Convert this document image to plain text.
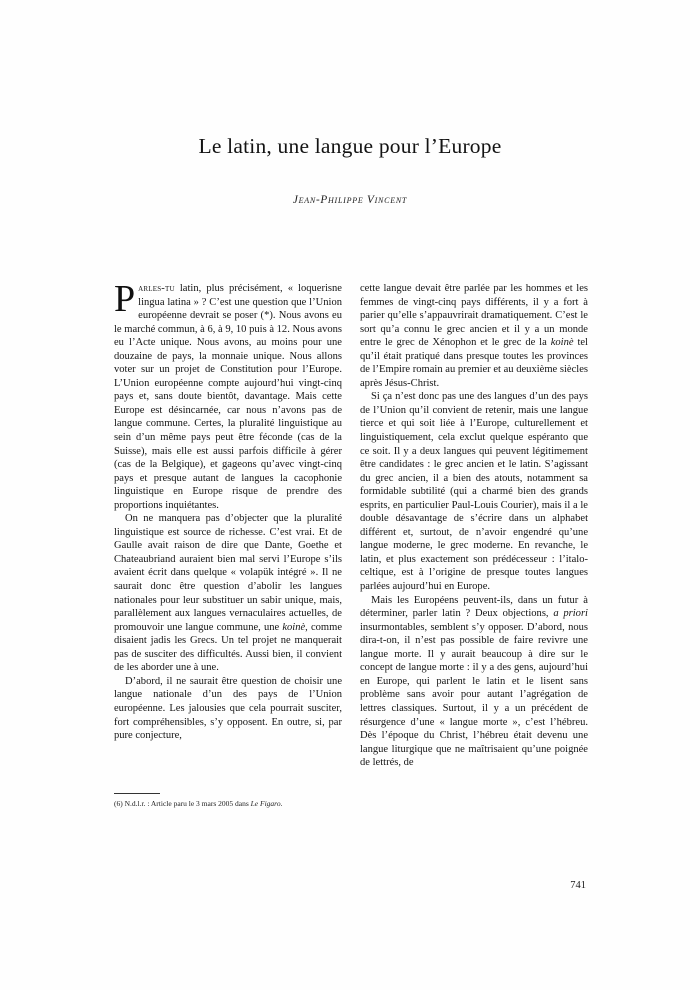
Le latin, une langue pour l’Europe
Jean-Philippe Vincent

Parles-tu latin, plus précisément, « loquerisne lingua latina » ? C’est une question que l’Union européenne devrait se poser (*). Nous avons eu le marché commun, à 6, à 9, 10 puis à 12. Nous avons eu l’Acte unique. Nous avons, au moins pour une douzaine de pays, la monnaie unique. Nous allons voter sur un projet de Constitution pour l’Europe. L’Union européenne compte aujourd’hui vingt-cinq pays et, sans doute bientôt, davantage. Mais cette Europe est désincarnée, car nous n’avons pas de langue commune. Certes, la pluralité linguistique au sein d’un même pays peut être féconde (cas de la Suisse), mais elle est aussi parfois difficile à gérer (cas de la Belgique), et gageons qu’avec vingt-cinq pays et presque autant de langues la cacophonie linguistique en Europe risque de prendre des proportions inquiétantes.

On ne manquera pas d’objecter que la pluralité linguistique est source de richesse. C’est vrai. Et de Gaulle avait raison de dire que Dante, Goethe et Chateaubriand auraient bien mal servi l’Europe s’ils avaient écrit dans quelque « volapük intégré ». Il ne saurait donc être question d’abolir les langues nationales pour leur substituer un sabir unique, mais, parallèlement aux langues vernaculaires actuelles, de promouvoir une langue commune, une koinè, comme disaient jadis les Grecs. Un tel projet ne manquerait pas de susciter des difficultés. Aussi bien, il convient de les aborder une à une.

D’abord, il ne saurait être question de choisir une langue nationale d’un des pays de l’Union européenne. Les jalousies que cela pourrait susciter, fort compréhensibles, s’y opposent. En outre, si, par pure conjecture,

cette langue devait être parlée par les hommes et les femmes de vingt-cinq pays différents, il y a fort à parier qu’elle s’appauvrirait dramatiquement. C’est le sort qu’a connu le grec ancien et il y a un monde entre le grec de Xénophon et le grec de la koinè tel qu’il était pratiqué dans presque toutes les provinces de l’Empire romain au premier et au deuxième siècles après Jésus-Christ.

Si ça n’est donc pas une des langues d’un des pays de l’Union qu’il convient de retenir, mais une langue tierce et qui soit liée à l’Europe, culturellement et linguistiquement, cela exclut quelque espéranto que ce soit. Il y a deux langues qui peuvent légitimement être candidates : le grec ancien et le latin. S’agissant du grec ancien, il a bien des atouts, notamment sa formidable subtilité (qui a charmé bien des grands esprits, en particulier Paul-Louis Courier), mais il a le double désavantage de s’écrire dans un alphabet différent et, surtout, de n’avoir engendré qu’une langue moderne, le grec moderne. En revanche, le latin, et plus exactement son prédécesseur : l’italo-celtique, est à l’origine de presque toutes langues parlées aujourd’hui en Europe.

Mais les Européens peuvent-ils, dans un futur à déterminer, parler latin ? Deux objections, a priori insurmontables, semblent s’y opposer. D’abord, nous dira-t-on, il n’est pas possible de faire revivre une langue morte. Il y aurait beaucoup à dire sur le concept de langue morte : il y a des gens, aujourd’hui en Europe, qui parlent le latin et le lisent sans problème sans avoir pour autant l’agrégation de lettres classiques. Surtout, il y a un précédent de résurgence d’une « langue morte », c’est l’hébreu. Dès l’époque du Christ, l’hébreu était devenu une langue liturgique que ne maîtrisaient qu’une poignée de lettrés, de

(6) N.d.l.r. : Article paru le 3 mars 2005 dans Le Figaro.

741
